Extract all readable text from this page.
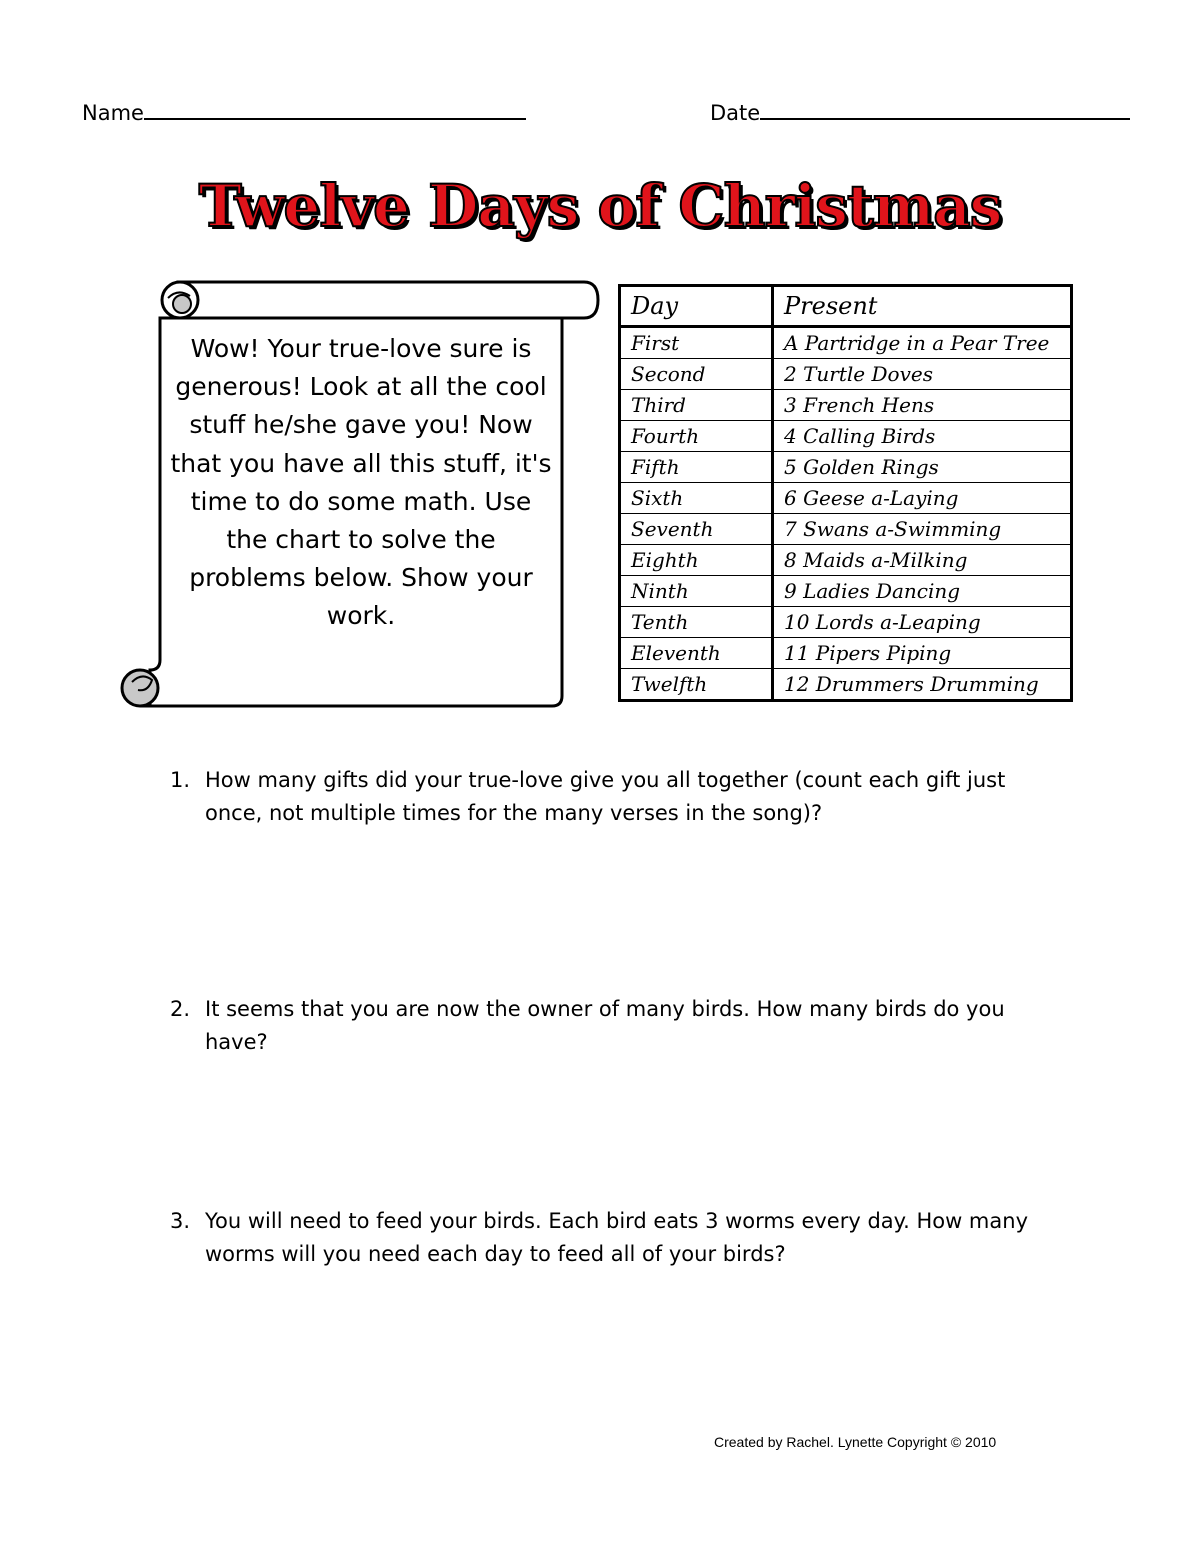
Name	Date
Twelve Days of Christmas
Wow! Your true-love sure is generous! Look at all the cool stuff he/she gave you! Now that you have all this stuff, it's time to do some math. Use the chart to solve the problems below. Show your work.
Day	Present
First	A Partridge in a Pear Tree
Second	2 Turtle Doves
Third	3 French Hens
Fourth	4 Calling Birds
Fifth	5 Golden Rings
Sixth	6 Geese a-Laying
Seventh	7 Swans a-Swimming
Eighth	8 Maids a-Milking
Ninth	9 Ladies Dancing
Tenth	10 Lords a-Leaping
Eleventh	11 Pipers Piping
Twelfth	12 Drummers Drumming
1. How many gifts did your true-love give you all together (count each gift just once, not multiple times for the many verses in the song)?
2. It seems that you are now the owner of many birds. How many birds do you have?
3. You will need to feed your birds. Each bird eats 3 worms every day. How many worms will you need each day to feed all of your birds?
Created by Rachel. Lynette Copyright © 2010
